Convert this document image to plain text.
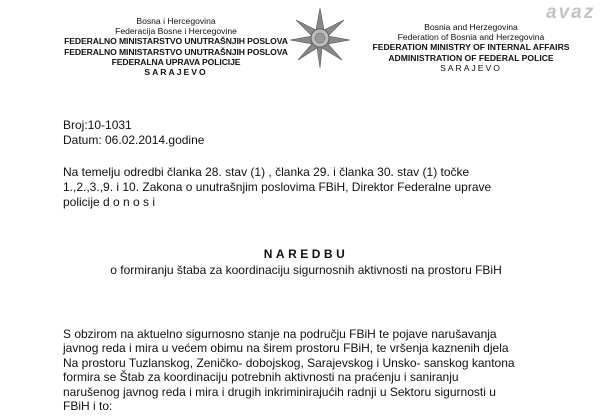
Bosna i Hercegovina
Federacija Bosne i Hercegovine
FEDERALNO MINISTARSTVO UNUTRAŠNJIH POSLOVA
FEDERALNO MINISTARSTVO UNUTRAŠNJIH POSLOVA
FEDERALNA UPRAVA POLICIJE
SARAJEVO
Bosnia and Herzegovina
Federation of Bosnia and Herzegovina
FEDERATION MINISTRY OF INTERNAL AFFAIRS
ADMINISTRATION OF FEDERAL POLICE
SARAJEVO
avaz
Broj:10-1031
Datum: 06.02.2014.godine
Na temelju odredbi članka 28. stav (1) , članka 29. i članka 30. stav (1) točke
1.,2.,3.,9. i 10. Zakona o unutrašnjim poslovima FBiH, Direktor Federalne uprave
policije d o n o s i
NAREDBU
o formiranju štaba za koordinaciju sigurnosnih aktivnosti na prostoru FBiH
S obzirom na aktuelno sigurnosno stanje na području FBiH te pojave narušavanja
javnog reda i mira u većem obimu na širem prostoru FBiH, te vršenja kaznenih djela
Na prostoru Tuzlanskog, Zeničko- dobojskog, Sarajevskog i Unsko- sanskog kantona
formira se Štab za koordinaciju potrebnih aktivnosti na praćenju i saniranju
narušenog javnog reda i mira i drugih inkriminirajućih radnji u Sektoru sigurnosti u
FBiH i to:
